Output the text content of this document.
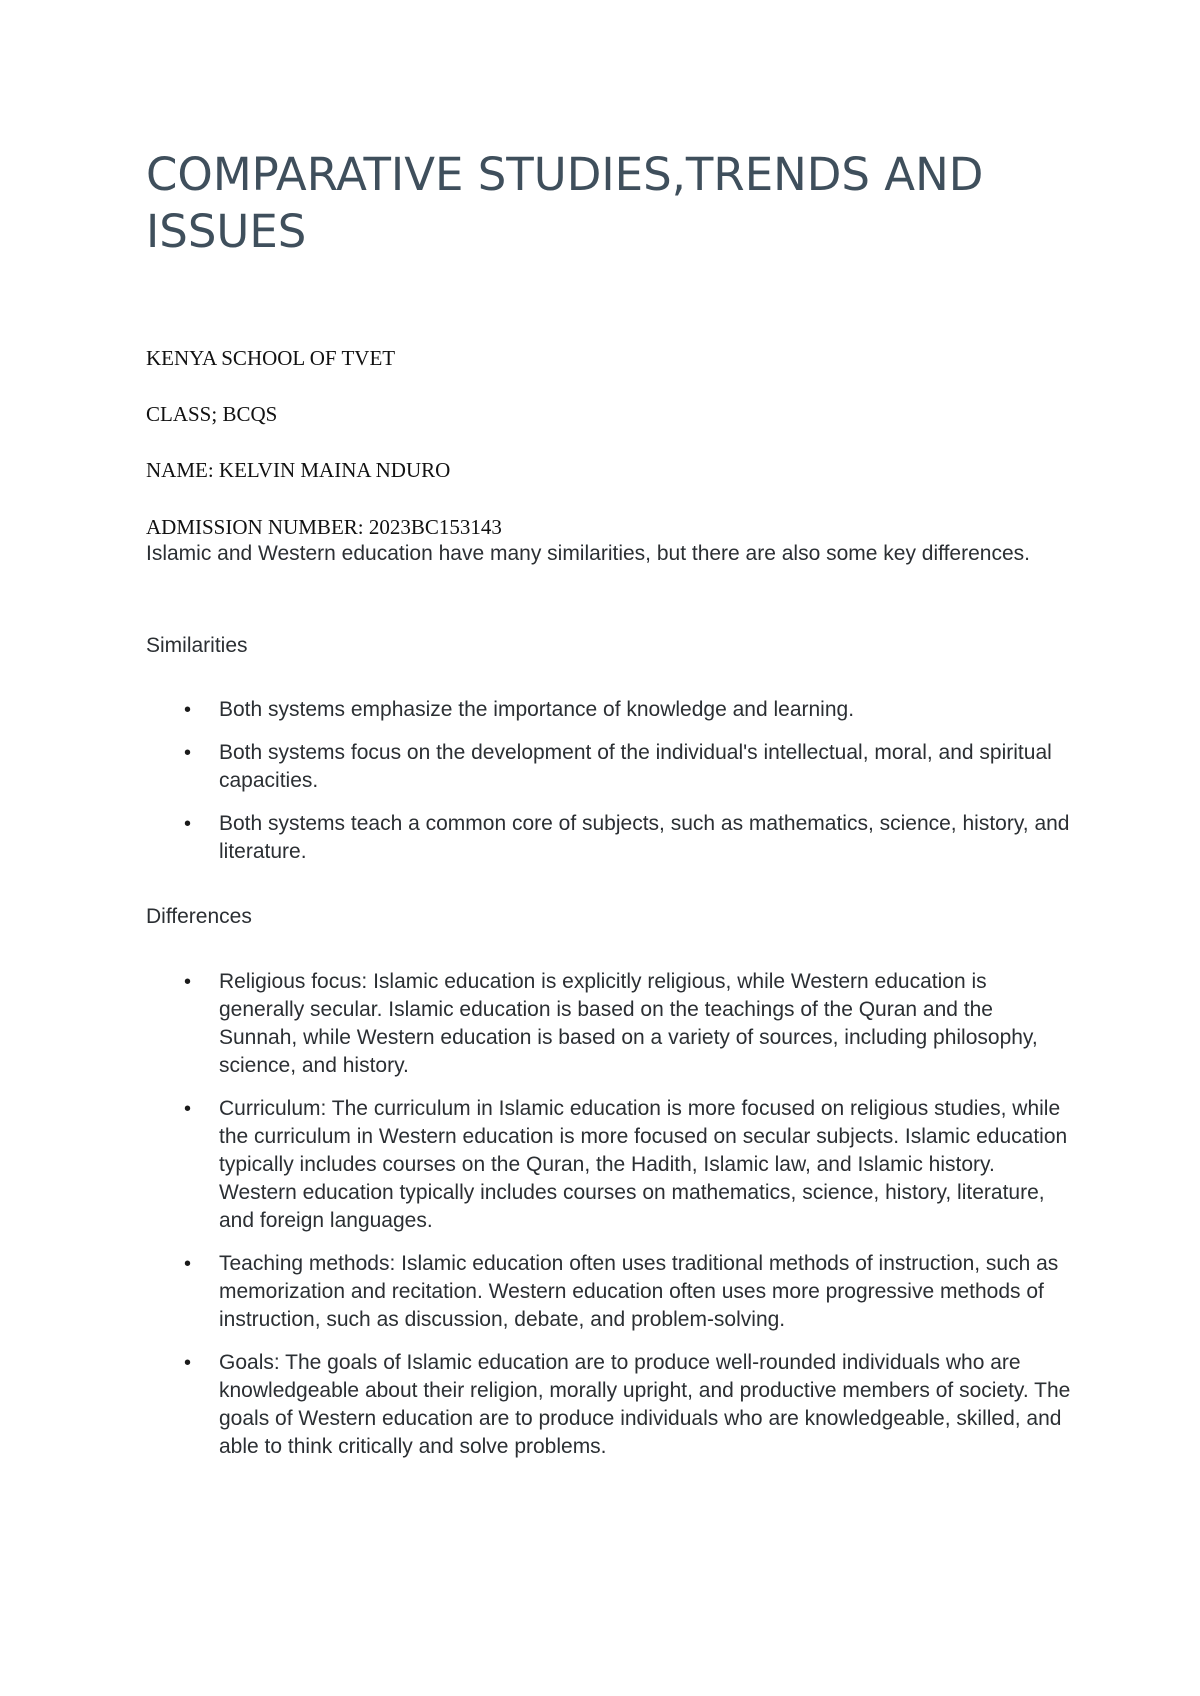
COMPARATIVE STUDIES,TRENDS AND ISSUES

KENYA SCHOOL OF TVET

CLASS; BCQS

NAME: KELVIN MAINA NDURO

ADMISSION NUMBER: 2023BC153143

Islamic and Western education have many similarities, but there are also some key differences.

Similarities

• Both systems emphasize the importance of knowledge and learning.
• Both systems focus on the development of the individual's intellectual, moral, and spiritual capacities.
• Both systems teach a common core of subjects, such as mathematics, science, history, and literature.

Differences

• Religious focus: Islamic education is explicitly religious, while Western education is generally secular. Islamic education is based on the teachings of the Quran and the Sunnah, while Western education is based on a variety of sources, including philosophy, science, and history.
• Curriculum: The curriculum in Islamic education is more focused on religious studies, while the curriculum in Western education is more focused on secular subjects. Islamic education typically includes courses on the Quran, the Hadith, Islamic law, and Islamic history. Western education typically includes courses on mathematics, science, history, literature, and foreign languages.
• Teaching methods: Islamic education often uses traditional methods of instruction, such as memorization and recitation. Western education often uses more progressive methods of instruction, such as discussion, debate, and problem-solving.
• Goals: The goals of Islamic education are to produce well-rounded individuals who are knowledgeable about their religion, morally upright, and productive members of society. The goals of Western education are to produce individuals who are knowledgeable, skilled, and able to think critically and solve problems.
